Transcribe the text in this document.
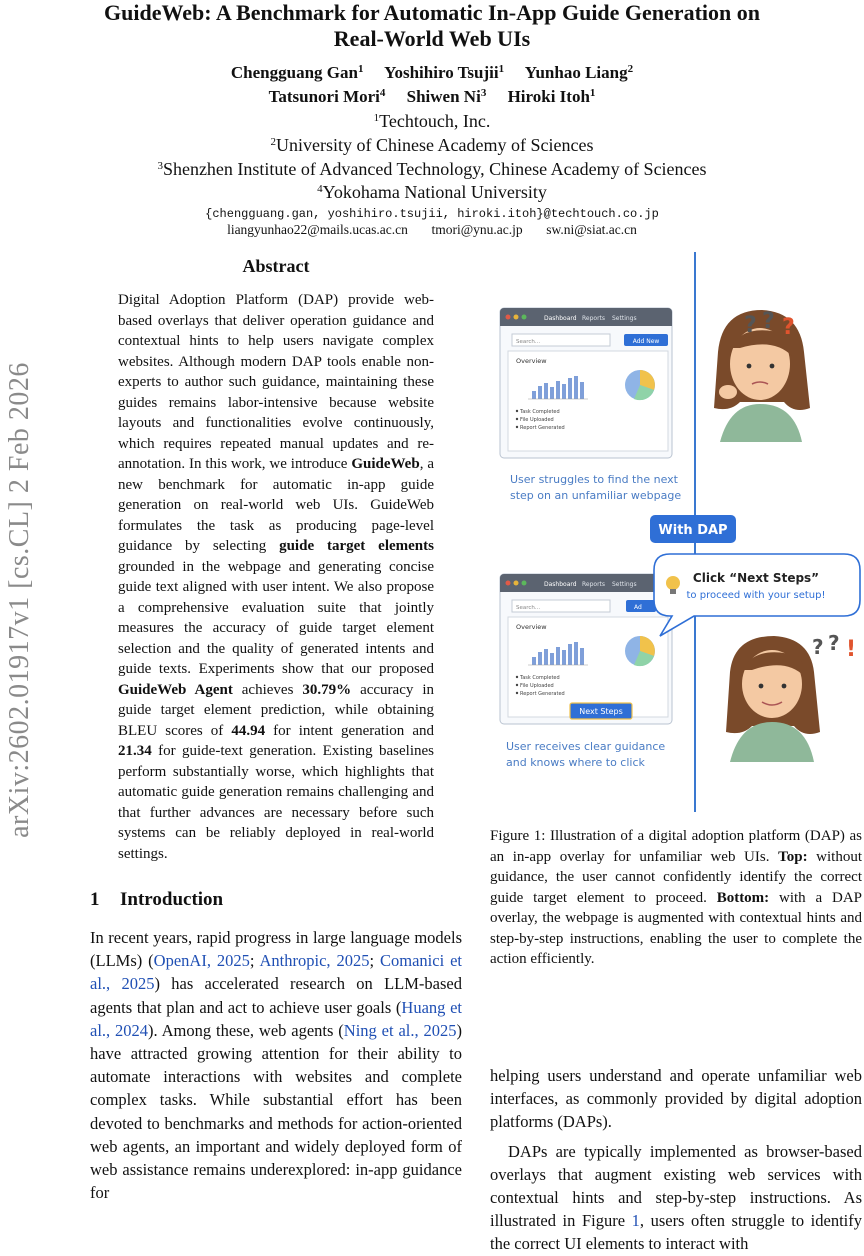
GuideWeb: A Benchmark for Automatic In-App Guide Generation on
Real-World Web UIs
Chengguang Gan$^1$ Yoshihiro Tsujii$^1$ Yunhao Liang$^2$
Tatsunori Mori$^4$ Shiwen Ni$^3$ Hiroki Itoh$^1$
$^1$Techtouch, Inc.
$^2$University of Chinese Academy of Sciences
$^3$Shenzhen Institute of Advanced Technology, Chinese Academy of Sciences
$^4$Yokohama National University
{chengguang.gan, yoshihiro.tsujii, hiroki.itoh}@techtouch.co.jp
liangyunhao22@mails.ucas.ac.cn tmori@ynu.ac.jp sw.ni@siat.ac.cn
arXiv:2602.01917v1 [cs.CL] 2 Feb 2026
Abstract

Digital Adoption Platform (DAP) provide web-based overlays that deliver operation guidance and contextual hints to help users navigate complex websites. Although modern DAP tools enable non-experts to author such guidance, maintaining these guides remains labor-intensive because website layouts and functionalities evolve continuously, which requires repeated manual updates and re-annotation. In this work, we introduce GuideWeb, a new benchmark for automatic in-app guide generation on real-world web UIs. GuideWeb formulates the task as producing page-level guidance by selecting guide target elements grounded in the webpage and generating concise guide text aligned with user intent. We also propose a comprehensive evaluation suite that jointly measures the accuracy of guide target element selection and the quality of generated intents and guide texts. Experiments show that our proposed GuideWeb Agent achieves 30.79% accuracy in guide target element prediction, while obtaining BLEU scores of 44.94 for intent generation and 21.34 for guide-text generation. Existing baselines perform substantially worse, which highlights that automatic guide generation remains challenging and that further advances are necessary before such systems can be reliably deployed in real-world settings.

1 Introduction

In recent years, rapid progress in large language models (LLMs) (OpenAI, 2025; Anthropic, 2025; Comanici et al., 2025) has accelerated research on LLM-based agents that plan and act to achieve user goals (Huang et al., 2024). Among these, web agents (Ning et al., 2025) have attracted growing attention for their ability to automate interactions with websites and complete complex tasks. While substantial effort has been devoted to benchmarks and methods for action-oriented web agents, an important and widely deployed form of web assistance remains underexplored: in-app guidance for

Dashboard Reports Settings
Search...	Add New
Overview
Task Completed
File Uploaded
Report Generated
? ? ?
User struggles to find the next
step on an unfamiliar webpage
With DAP
Dashboard Reports Settings
Search...	Ad
Overview
Task Completed
File Uploaded
Report Generated
Next Steps
Click “Next Steps”
to proceed with your setup!
? ? !
User receives clear guidance
and knows where to click
Figure 1: Illustration of a digital adoption platform (DAP) as an in-app overlay for unfamiliar web UIs. Top: without guidance, the user cannot confidently identify the correct guide target element to proceed. Bottom: with a DAP overlay, the webpage is augmented with contextual hints and step-by-step instructions, enabling the user to complete the action efficiently.

helping users understand and operate unfamiliar web interfaces, as commonly provided by digital adoption platforms (DAPs).

DAPs are typically implemented as browser-based overlays that augment existing web services with contextual hints and step-by-step instructions. As illustrated in Figure 1, users often struggle to identify the correct UI elements to interact with
